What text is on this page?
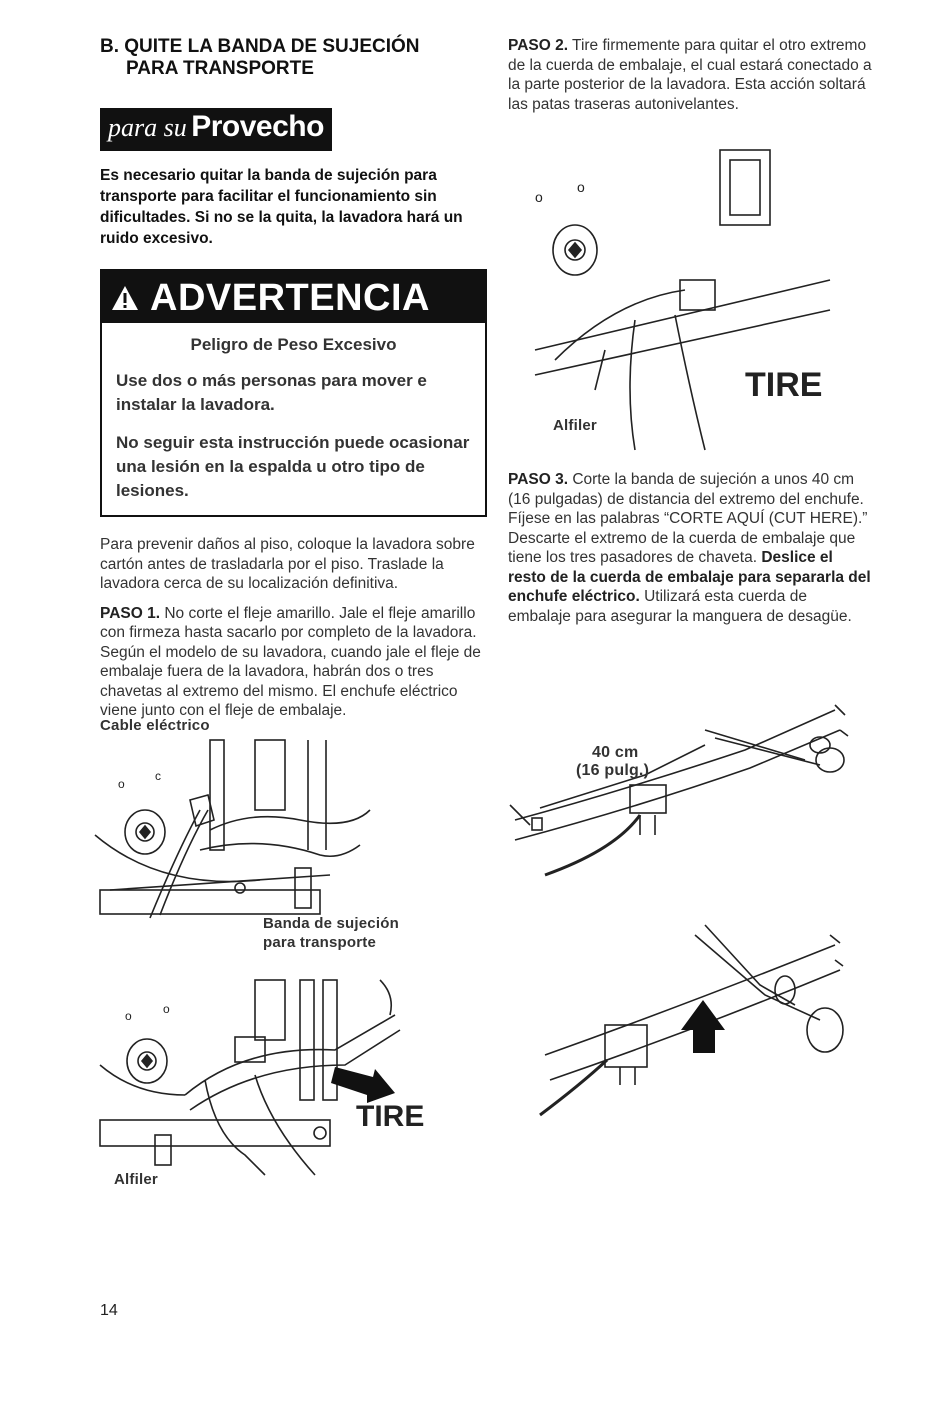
B. QUITE LA BANDA DE SUJECIÓN
PARA TRANSPORTE
para su Provecho

Es necesario quitar la banda de sujeción para transporte para facilitar el funcionamiento sin dificultades. Si no se la quita, la lavadora hará un ruido excesivo.

ADVERTENCIA
Peligro de Peso Excesivo

Use dos o más personas para mover e instalar la lavadora.

No seguir esta instrucción puede ocasionar una lesión en la espalda u otro tipo de lesiones.

Para prevenir daños al piso, coloque la lavadora sobre cartón antes de trasladarla por el piso. Traslade la lavadora cerca de su localización definitiva.

PASO 1. No corte el fleje amarillo. Jale el fleje amarillo con firmeza hasta sacarlo por completo de la lavadora. Según el modelo de su lavadora, cuando jale el fleje de embalaje fuera de la lavadora, habrán dos o tres chavetas al extremo del mismo. El enchufe eléctrico viene junto con el fleje de embalaje.

PASO 2. Tire firmemente para quitar el otro extremo de la cuerda de embalaje, el cual estará conectado a la parte posterior de la lavadora. Esta acción soltará las patas traseras autonivelantes.

PASO 3. Corte la banda de sujeción a unos 40 cm (16 pulgadas) de distancia del extremo del enchufe. Fíjese en las palabras “CORTE AQUÍ (CUT HERE).” Descarte el extremo de la cuerda de embalaje que tiene los tres pasadores de chaveta. Deslice el resto de la cuerda de embalaje para separarla del enchufe eléctrico. Utilizará esta cuerda de embalaje para asegurar la manguera de desagüe.

Cable eléctrico
o
c
Banda de sujeción
para transporte
o	o
TIRE
Alfiler
o
o
TIRE
Alfiler
40 cm
(16 pulg.)
14
